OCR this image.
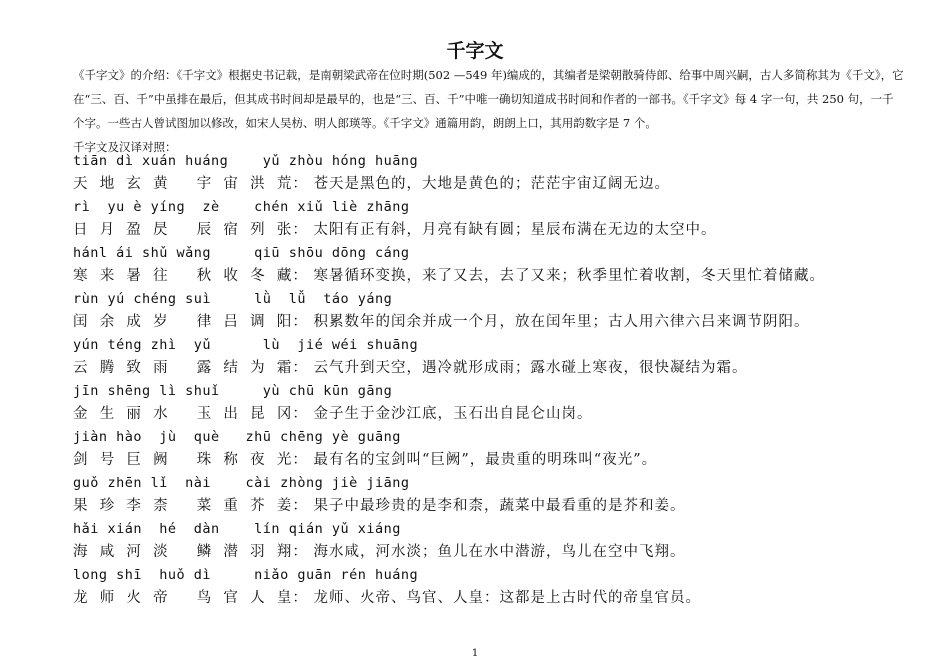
千字文
《千字文》的介绍：《千字文》根据史书记载，是南朝梁武帝在位时期(502 —549 年)编成的，其编者是梁朝散骑侍郎、给事中周兴嗣，古人多简称其为《千文》，它
在“三、百、千”中虽排在最后，但其成书时间却是最早的，也是“三、百、千”中唯一确切知道成书时间和作者的一部书。《千字文》每 4 字一句，共 250 句，一千
个字。一些古人曾试图加以修改，如宋人吴枋、明人郎瑛等。《千字文》通篇用韵，朗朗上口，其用韵数字是 7 个。
千字文及汉译对照：
tiān dì xuán huáng    yǔ zhòu hóng huāng
天  地  玄  黄     宇  宙  洪  荒： 苍天是黑色的，大地是黄色的；茫茫宇宙辽阔无边。
rì  yu è yíng  zè    chén xiǔ liè zhāng
日  月  盈  昃     辰  宿  列  张： 太阳有正有斜，月亮有缺有圆；星辰布满在无边的太空中。
hánl ái shǔ wǎng     qiū shōu dōng cáng
寒  来  暑  往     秋  收  冬  藏： 寒暑循环变换，来了又去，去了又来；秋季里忙着收割，冬天里忙着储藏。
rùn yú chéng suì     lǜ  lǚ  táo yáng
闰  余  成  岁     律  吕  调  阳： 积累数年的闰余并成一个月，放在闰年里；古人用六律六吕来调节阴阳。
yún téng zhì  yǔ      lù  jié wéi shuāng
云  腾  致  雨     露  结  为  霜： 云气升到天空，遇冷就形成雨；露水碰上寒夜，很快凝结为霜。
jīn shēng lì shuǐ     yù chū kūn gāng
金  生  丽  水     玉  出  昆  冈： 金子生于金沙江底，玉石出自昆仑山岗。
jiàn hào  jù  què   zhū chēng yè guāng
剑  号  巨  阙     珠  称  夜  光： 最有名的宝剑叫“巨阙”，最贵重的明珠叫“夜光”。
guǒ zhēn lǐ  nài    cài zhòng jiè jiāng
果  珍  李  柰     菜  重  芥  姜： 果子中最珍贵的是李和柰，蔬菜中最看重的是芥和姜。
hǎi xián  hé  dàn    lín qián yǔ xiáng
海  咸  河  淡     鳞  潜  羽  翔： 海水咸，河水淡；鱼儿在水中潜游，鸟儿在空中飞翔。
long shī  huǒ dì     niǎo guān rén huáng
龙  师  火  帝     鸟  官  人  皇： 龙师、火帝、鸟官、人皇：这都是上古时代的帝皇官员。
1
